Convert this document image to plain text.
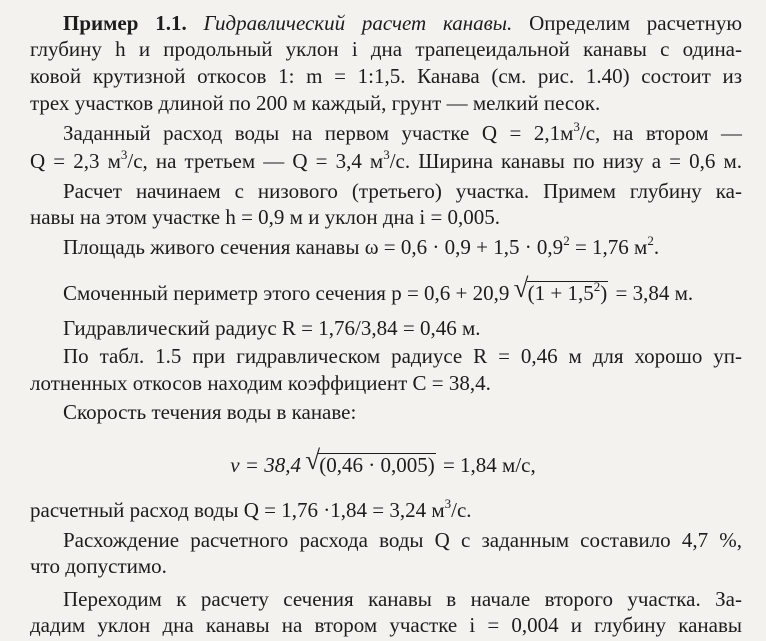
Пример 1.1. Гидравлический расчет канавы. Определим расчетную
глубину h и продольный уклон i дна трапецеидальной канавы с одина-
ковой крутизной откосов 1: m = 1:1,5. Канава (см. рис. 1.40) состоит из
трех участков длиной по 200 м каждый, грунт — мелкий песок.
Заданный расход воды на первом участке $Q = 2,1м^3/с$, на втором —
Q = 2,3 $м^3/с$, на третьем — Q = 3,4 $м^3/с$. Ширина канавы по низу a = 0,6 м.
Расчет начинаем с низового (третьего) участка. Примем глубину ка-
навы на этом участке h = 0,9 м и уклон дна i = 0,005.
Площадь живого сечения канавы $\omega = 0,6 \cdot 0,9 + 1,5 \cdot 0,9^2 = 1,76$ $м^2$.
Смоченный периметр этого сечения p = 0,6 + 20,9 √ $(1 + 1,5^2) = 3,84$ м.
Гидравлический радиус R = 1,76/3,84 = 0,46 м.
По табл. 1.5 при гидравлическом радиусе R = 0,46 м для хорошо уп-
лотненных откосов находим коэффициент C = 38,4.
Скорость течения воды в канаве:
v = 38,4 √ (0,46 · 0,005) = 1,84 м/с,
расчетный расход воды Q = 1,76 ·1,84 = 3,24 $м^3/с$.
Расхождение расчетного расхода воды Q с заданным составило 4,7 %,
что допустимо.
Переходим к расчету сечения канавы в начале второго участка. За-
дадим уклон дна канавы на втором участке i = 0,004 и глубину канавы
